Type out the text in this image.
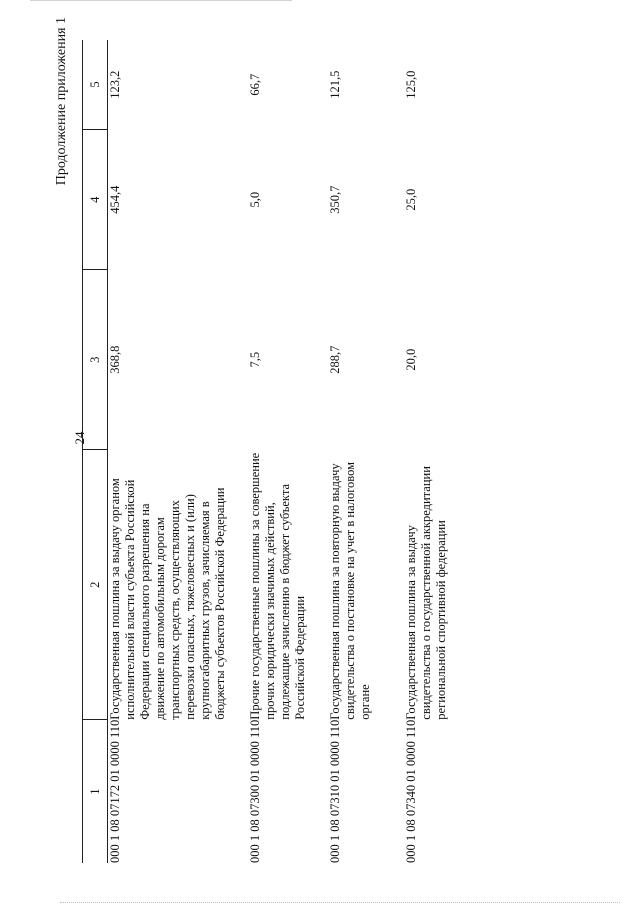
24
Продолжение приложения 1
1	2	3	4	5
000 1 08 07172 01 0000 110	Государственная пошлина за выдачу органом исполнительной власти субъекта Российской Федерации специального разрешения на движение по автомобильным дорогам транспортных средств, осуществляющих перевозки опасных, тяжеловесных и (или) крупногабаритных грузов, зачисляемая в бюджеты субъектов Российской Федерации	368,8	454,4	123,2
000 1 08 07300 01 0000 110	Прочие государственные пошлины за совершение прочих юридически значимых действий, подлежащие зачислению в бюджет субъекта Российской Федерации	7,5	5,0	66,7
000 1 08 07310 01 0000 110	Государственная пошлина за повторную выдачу свидетельства о постановке на учет в налоговом органе	288,7	350,7	121,5
000 1 08 07340 01 0000 110	Государственная пошлина за выдачу свидетельства о государственной аккредитации региональной спортивной федерации	20,0	25,0	125,0
